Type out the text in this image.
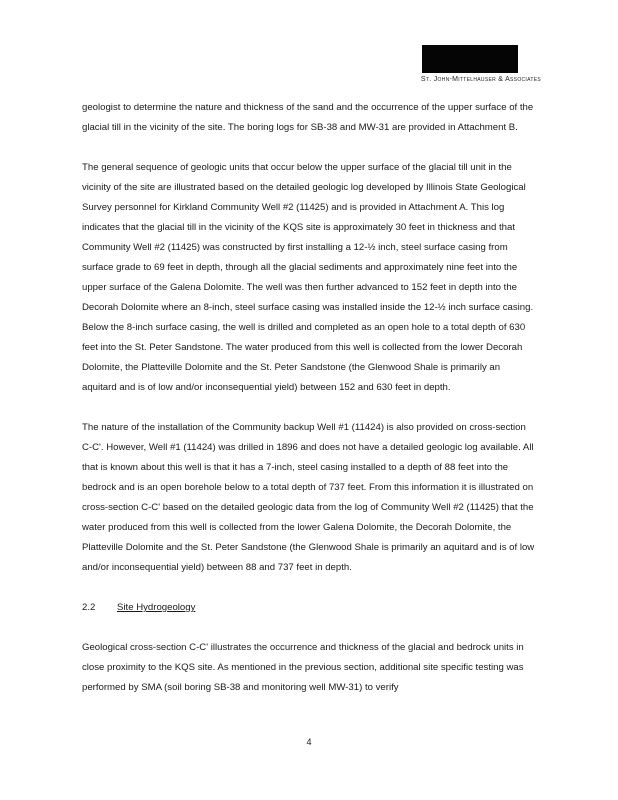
St. John-Mittelhauser & Associates

geologist to determine the nature and thickness of the sand and the occurrence of the upper surface of the glacial till in the vicinity of the site. The boring logs for SB-38 and MW-31 are provided in Attachment B.

The general sequence of geologic units that occur below the upper surface of the glacial till unit in the vicinity of the site are illustrated based on the detailed geologic log developed by Illinois State Geological Survey personnel for Kirkland Community Well #2 (11425) and is provided in Attachment A. This log indicates that the glacial till in the vicinity of the KQS site is approximately 30 feet in thickness and that Community Well #2 (11425) was constructed by first installing a 12-½ inch, steel surface casing from surface grade to 69 feet in depth, through all the glacial sediments and approximately nine feet into the upper surface of the Galena Dolomite. The well was then further advanced to 152 feet in depth into the Decorah Dolomite where an 8-inch, steel surface casing was installed inside the 12-½ inch surface casing. Below the 8-inch surface casing, the well is drilled and completed as an open hole to a total depth of 630 feet into the St. Peter Sandstone. The water produced from this well is collected from the lower Decorah Dolomite, the Platteville Dolomite and the St. Peter Sandstone (the Glenwood Shale is primarily an aquitard and is of low and/or inconsequential yield) between 152 and 630 feet in depth.

The nature of the installation of the Community backup Well #1 (11424) is also provided on cross-section C-C'. However, Well #1 (11424) was drilled in 1896 and does not have a detailed geologic log available. All that is known about this well is that it has a 7-inch, steel casing installed to a depth of 88 feet into the bedrock and is an open borehole below to a total depth of 737 feet. From this information it is illustrated on cross-section C-C' based on the detailed geologic data from the log of Community Well #2 (11425) that the water produced from this well is collected from the lower Galena Dolomite, the Decorah Dolomite, the Platteville Dolomite and the St. Peter Sandstone (the Glenwood Shale is primarily an aquitard and is of low and/or inconsequential yield) between 88 and 737 feet in depth.

2.2	Site Hydrogeology

Geological cross-section C-C' illustrates the occurrence and thickness of the glacial and bedrock units in close proximity to the KQS site. As mentioned in the previous section, additional site specific testing was performed by SMA (soil boring SB-38 and monitoring well MW-31) to verify

4
